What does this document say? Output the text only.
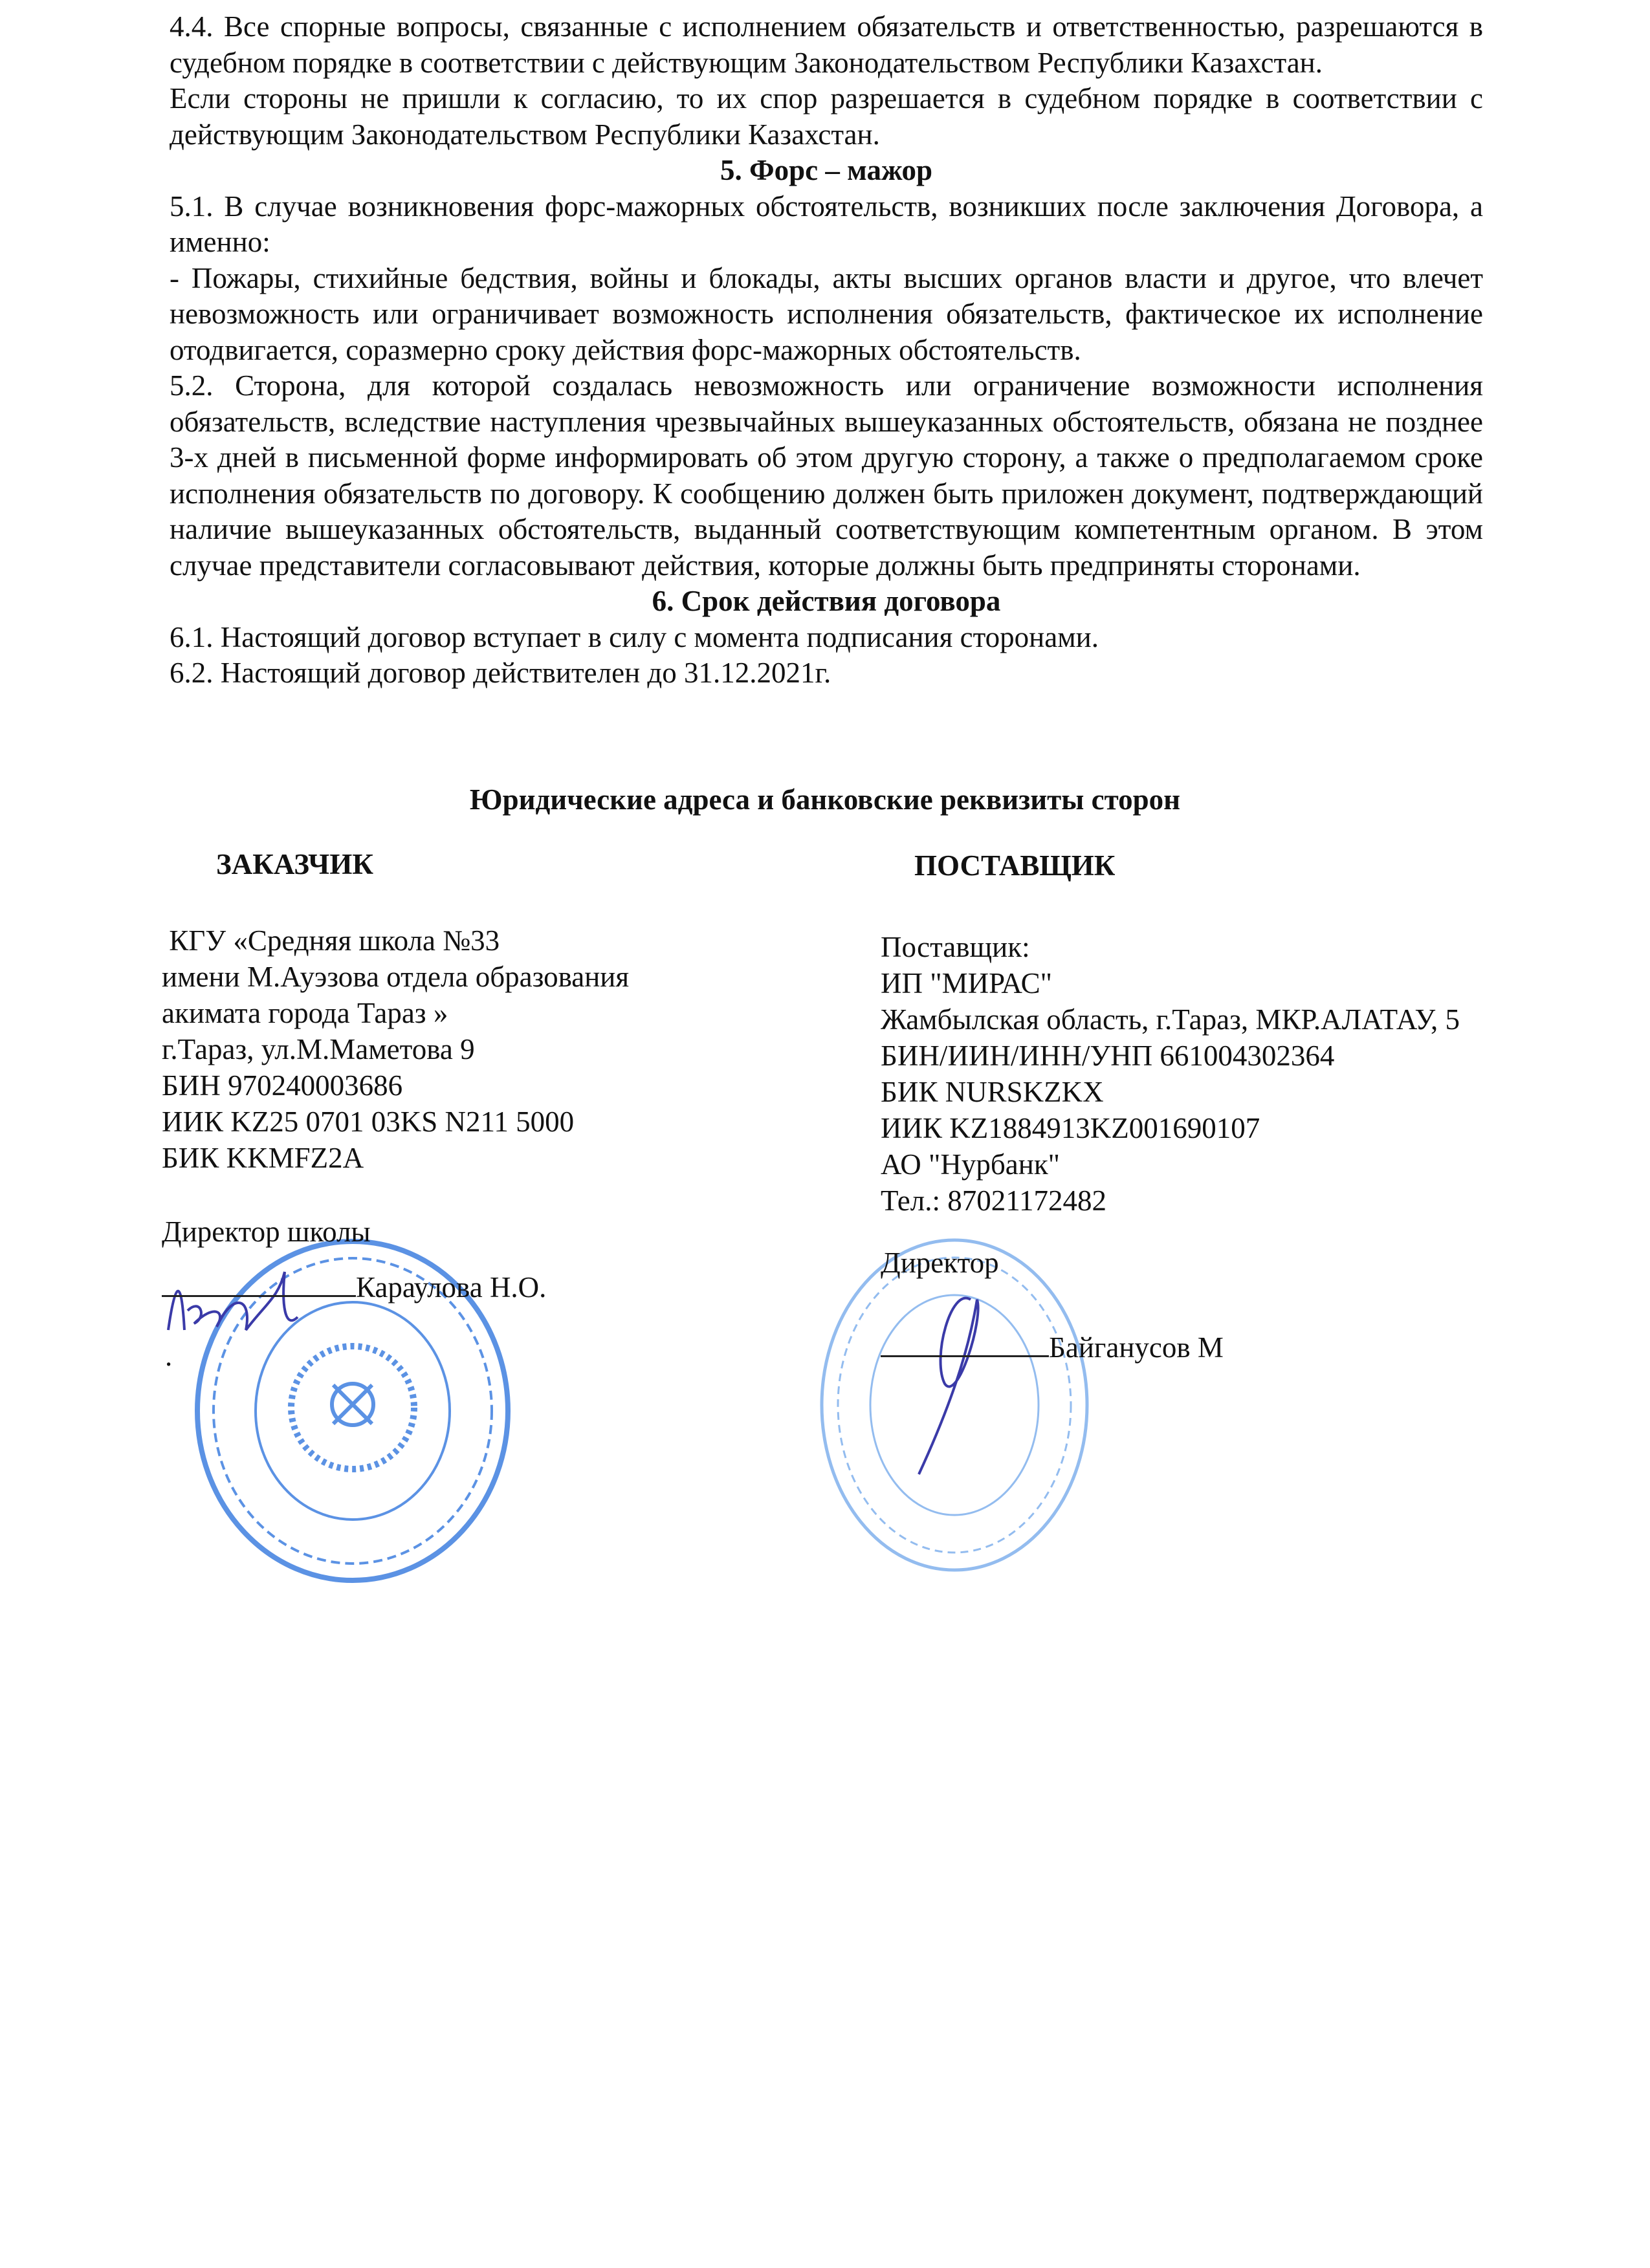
4.4. Все спорные вопросы, связанные с исполнением обязательств и ответственностью, разрешаются в судебном порядке в соответствии с действующим Законодательством Республики Казахстан.

Если стороны не пришли к согласию, то их спор разрешается в судебном порядке в соответствии с действующим Законодательством Республики Казахстан.

5. Форс – мажор

5.1. В случае возникновения форс-мажорных обстоятельств, возникших после заключения Договора, а именно:

- Пожары, стихийные бедствия, войны и блокады, акты высших органов власти и другое, что влечет невозможность или ограничивает возможность исполнения обязательств, фактическое их исполнение отодвигается, соразмерно сроку действия форс-мажорных обстоятельств.

5.2. Сторона, для которой создалась невозможность или ограничение возможности исполнения обязательств, вследствие наступления чрезвычайных вышеуказанных обстоятельств, обязана не позднее 3-х дней в письменной форме информировать об этом другую сторону, а также о предполагаемом сроке исполнения обязательств по договору. К сообщению должен быть приложен документ, подтверждающий наличие вышеуказанных обстоятельств, выданный соответствующим компетентным органом. В этом случае представители согласовывают действия, которые должны быть предприняты сторонами.

6. Срок действия договора

6.1. Настоящий договор вступает в силу с момента подписания сторонами.

6.2. Настоящий договор действителен до 31.12.2021г.

Юридические адреса и банковские реквизиты сторон
ЗАКАЗЧИК
КГУ «Средняя школа №33
имени М.Ауэзова отдела образования
акимата города Тараз »
г.Тараз, ул.М.Маметова 9
БИН 970240003686
ИИК KZ25 0701 03KS N211 5000
БИК KKMFZ2A
Директор школы
Караулова Н.О.
.
ПОСТАВЩИК
Поставщик:
ИП "МИРАС"
Жамбылская область, г.Тараз, МКР.АЛАТАУ, 5
БИН/ИИН/ИНН/УНП 661004302364
БИК NURSKZKX
ИИК KZ1884913KZ001690107
АО "Нурбанк"
Тел.: 87021172482
Директор
Байганусов М
